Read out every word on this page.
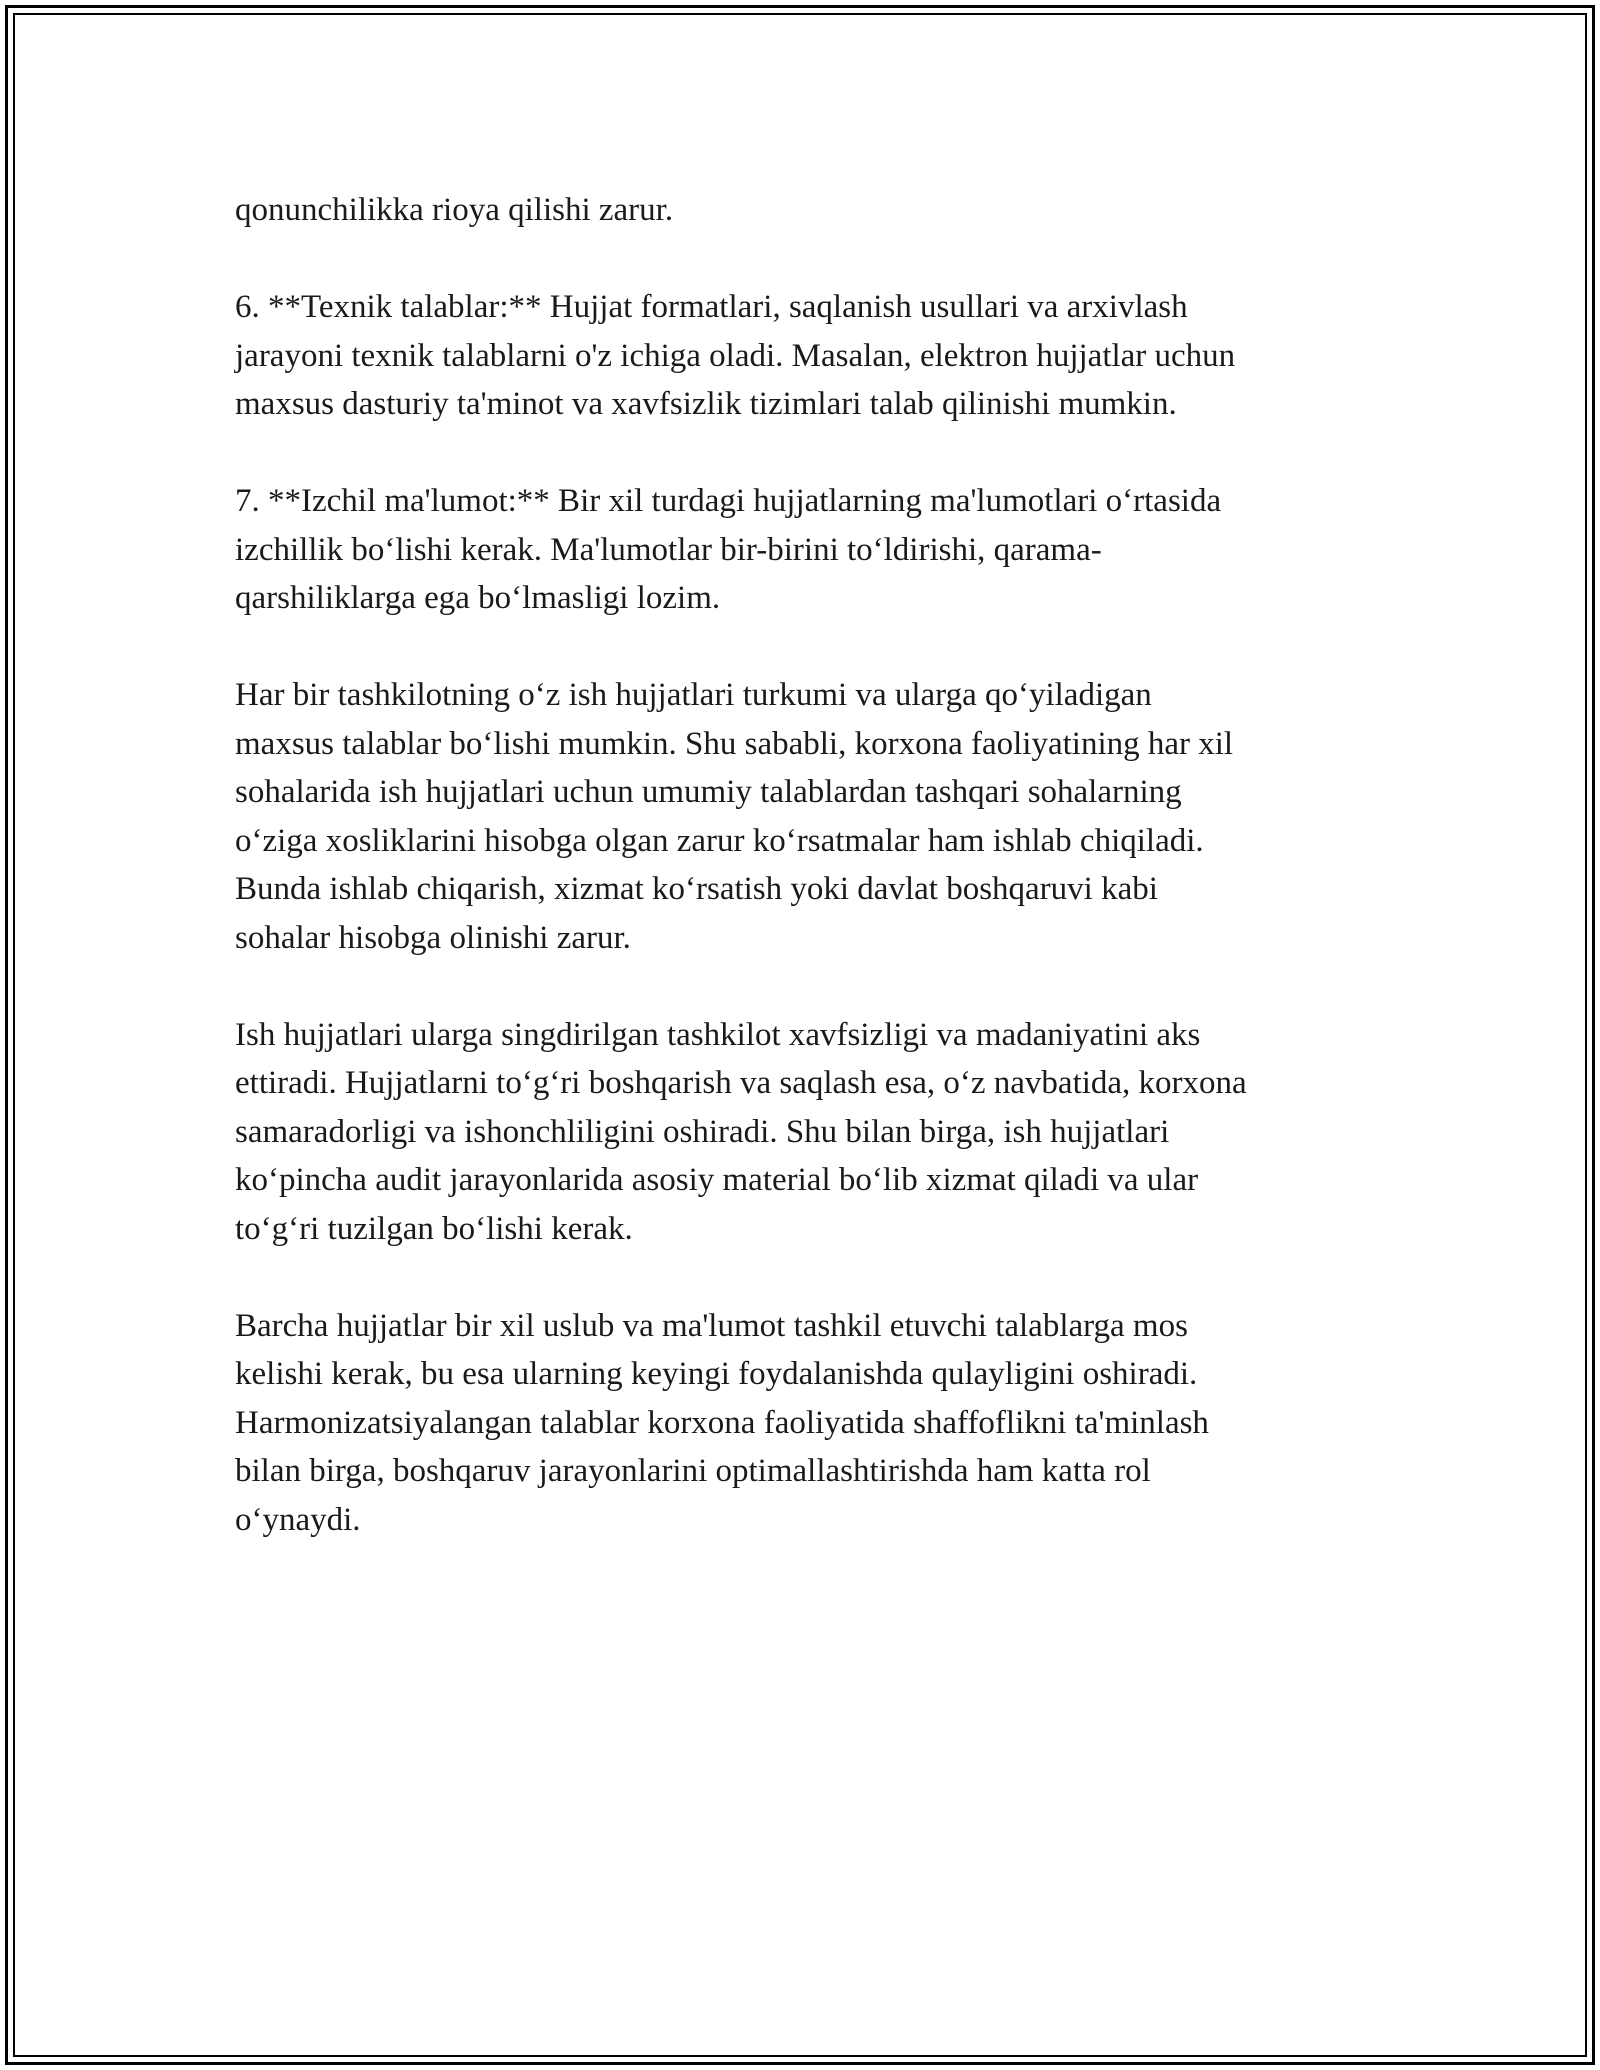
qonunchilikka rioya qilishi zarur.

6. **Texnik talablar:** Hujjat formatlari, saqlanish usullari va arxivlash
jarayoni texnik talablarni o'z ichiga oladi. Masalan, elektron hujjatlar uchun
maxsus dasturiy ta'minot va xavfsizlik tizimlari talab qilinishi mumkin.

7. **Izchil ma'lumot:** Bir xil turdagi hujjatlarning ma'lumotlari oʻrtasida
izchillik boʻlishi kerak. Ma'lumotlar bir-birini toʻldirishi, qarama-
qarshiliklarga ega boʻlmasligi lozim.

Har bir tashkilotning oʻz ish hujjatlari turkumi va ularga qoʻyiladigan
maxsus talablar boʻlishi mumkin. Shu sababli, korxona faoliyatining har xil
sohalarida ish hujjatlari uchun umumiy talablardan tashqari sohalarning
oʻziga xosliklarini hisobga olgan zarur koʻrsatmalar ham ishlab chiqiladi.
Bunda ishlab chiqarish, xizmat koʻrsatish yoki davlat boshqaruvi kabi
sohalar hisobga olinishi zarur.

Ish hujjatlari ularga singdirilgan tashkilot xavfsizligi va madaniyatini aks
ettiradi. Hujjatlarni toʻgʻri boshqarish va saqlash esa, oʻz navbatida, korxona
samaradorligi va ishonchliligini oshiradi. Shu bilan birga, ish hujjatlari
koʻpincha audit jarayonlarida asosiy material boʻlib xizmat qiladi va ular
toʻgʻri tuzilgan boʻlishi kerak.

Barcha hujjatlar bir xil uslub va ma'lumot tashkil etuvchi talablarga mos
kelishi kerak, bu esa ularning keyingi foydalanishda qulayligini oshiradi.
Harmonizatsiyalangan talablar korxona faoliyatida shaffoflikni ta'minlash
bilan birga, boshqaruv jarayonlarini optimallashtirishda ham katta rol
oʻynaydi.
